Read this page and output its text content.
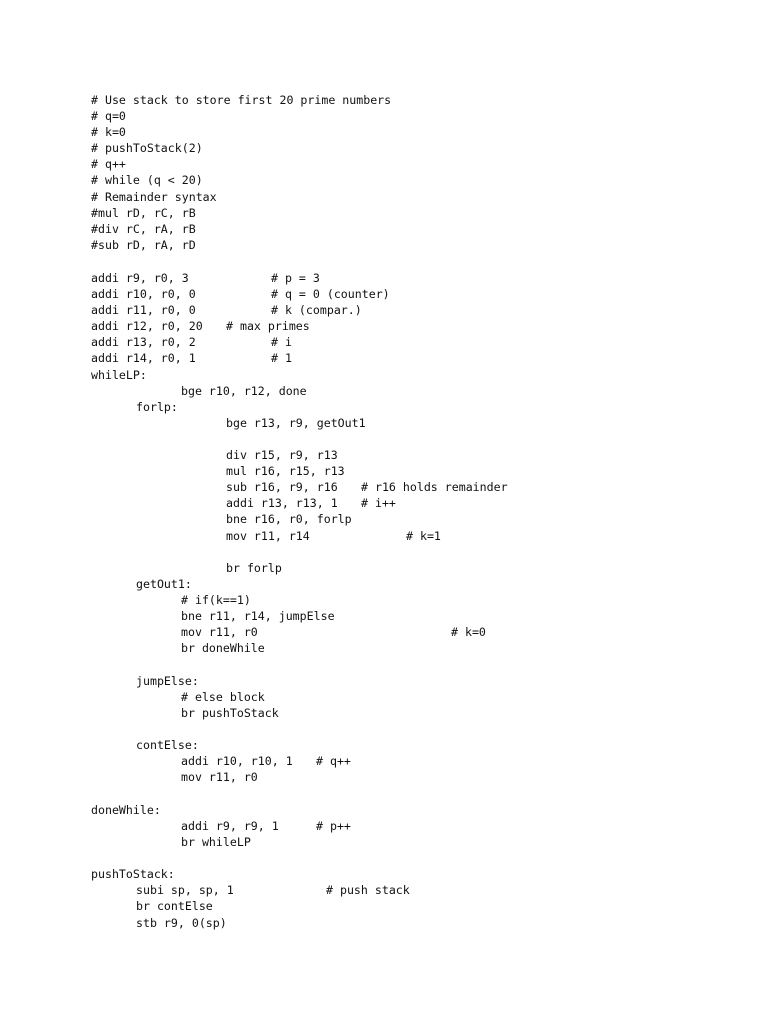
# Use stack to store first 20 prime numbers
# q=0
# k=0
# pushToStack(2)
# q++
# while (q < 20)
# Remainder syntax
#mul rD, rC, rB
#div rC, rA, rB
#sub rD, rA, rD
addi r9, r0, 3	# p = 3
addi r10, r0, 0	# q = 0 (counter)
addi r11, r0, 0	# k (compar.)
addi r12, r0, 20 # max primes
addi r13, r0, 2	# i
addi r14, r0, 1	# 1
whileLP:
bge r10, r12, done
forlp:
bge r13, r9, getOut1
div r15, r9, r13
mul r16, r15, r13
sub r16, r9, r16 # r16 holds remainder
addi r13, r13, 1 # i++
bne r16, r0, forlp
mov r11, r14	# k=1
br forlp
getOut1:
# if(k==1)
bne r11, r14, jumpElse
mov r11, r0	# k=0
br doneWhile
jumpElse:
# else block
br pushToStack
contElse:
addi r10, r10, 1 # q++
mov r11, r0
doneWhile:
addi r9, r9, 1	# p++
br whileLP
pushToStack:
subi sp, sp, 1	# push stack
br contElse
stb r9, 0(sp)
